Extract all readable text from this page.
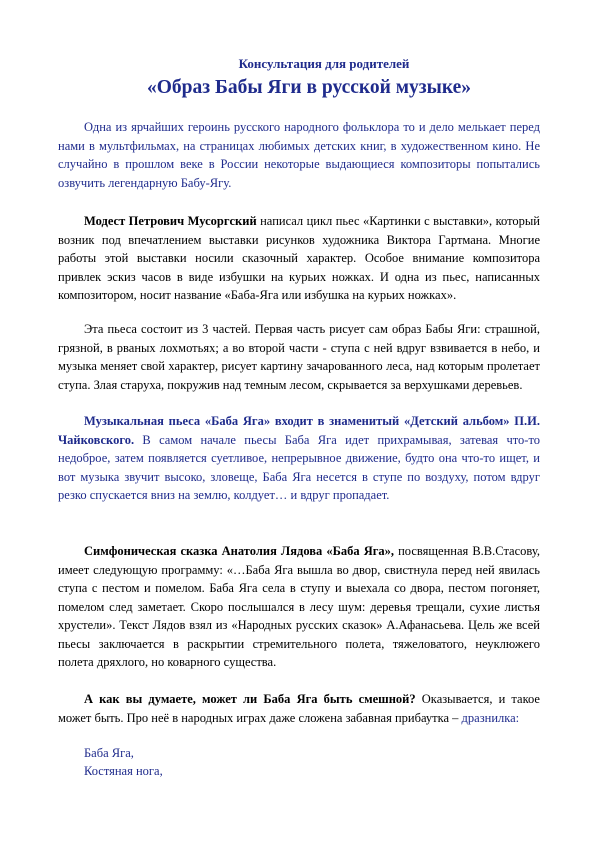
Консультация для родителей
«Образ Бабы Яги в русской музыке»

Одна из ярчайших героинь русского народного фольклора то и дело мелькает перед нами в мультфильмах, на страницах любимых детских книг, в художественном кино. Не случайно в прошлом веке в России некоторые выдающиеся композиторы попытались озвучить легендарную Бабу-Ягу.

Модест Петрович Мусоргский написал цикл пьес «Картинки с выставки», который возник под впечатлением выставки рисунков художника Виктора Гартмана. Многие работы этой выставки носили сказочный характер. Особое внимание композитора привлек эскиз часов в виде избушки на курьих ножках. И одна из пьес, написанных композитором, носит название «Баба-Яга или избушка на курьих ножках».

Эта пьеса состоит из 3 частей. Первая часть рисует сам образ Бабы Яги: страшной, грязной, в рваных лохмотьях; а во второй части - ступа с ней вдруг взвивается в небо, и музыка меняет свой характер, рисует картину зачарованного леса, над которым пролетает ступа. Злая старуха, покружив над темным лесом, скрывается за верхушками деревьев.

Музыкальная пьеса «Баба Яга» входит в знаменитый «Детский альбом» П.И. Чайковского. В самом начале пьесы Баба Яга идет прихрамывая, затевая что-то недоброе, затем появляется суетливое, непрерывное движение, будто она что-то ищет, и вот музыка звучит высоко, зловеще, Баба Яга несется в ступе по воздуху, потом вдруг резко спускается вниз на землю, колдует… и вдруг пропадает.

Симфоническая сказка Анатолия Лядова «Баба Яга», посвященная В.В.Стасову, имеет следующую программу: «…Баба Яга вышла во двор, свистнула перед ней явилась ступа с пестом и помелом. Баба Яга села в ступу и выехала со двора, пестом погоняет, помелом след заметает. Скоро послышался в лесу шум: деревья трещали, сухие листья хрустели». Текст Лядов взял из «Народных русских сказок» А.Афанасьева. Цель же всей пьесы заключается в раскрытии стремительного полета, тяжеловатого, неуклюжего полета дряхлого, но коварного существа.

А как вы думаете, может ли Баба Яга быть смешной? Оказывается, и такое может быть. Про неё в народных играх даже сложена забавная прибаутка – дразнилка:

Баба Яга,
Костяная нога,
